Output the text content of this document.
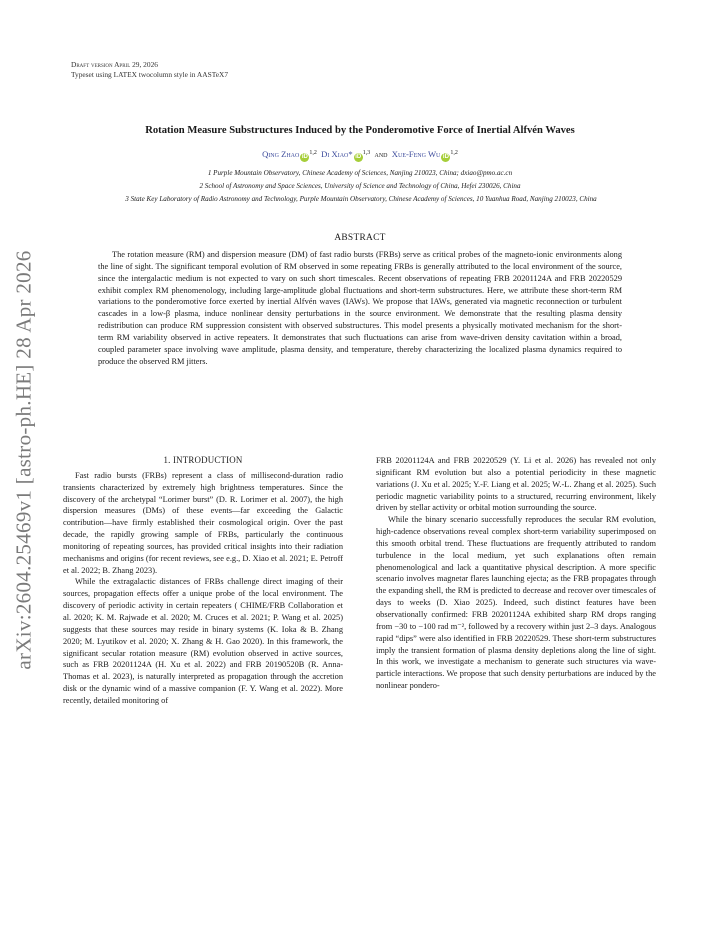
arXiv:2604.25469v1 [astro-ph.HE] 28 Apr 2026
Draft version April 29, 2026
Typeset using LATEX twocolumn style in AASTeX7
Rotation Measure Substructures Induced by the Ponderomotive Force of Inertial Alfvén Waves
Qing Zhao iD$^{1,2}$ Di Xiao* iD$^{1,3}$ and Xue-Feng Wu iD$^{1,2}$
1 Purple Mountain Observatory, Chinese Academy of Sciences, Nanjing 210023, China; dxiao@pmo.ac.cn
2 School of Astronomy and Space Sciences, University of Science and Technology of China, Hefei 230026, China
3 State Key Laboratory of Radio Astronomy and Technology, Purple Mountain Observatory, Chinese Academy of Sciences, 10 Yuanhua Road, Nanjing 210023, China
ABSTRACT
The rotation measure (RM) and dispersion measure (DM) of fast radio bursts (FRBs) serve as critical probes of the magneto-ionic environments along the line of sight. The significant temporal evolution of RM observed in some repeating FRBs is generally attributed to the local environment of the source, since the intergalactic medium is not expected to vary on such short timescales. Recent observations of repeating FRB 20201124A and FRB 20220529 exhibit complex RM phenomenology, including large-amplitude global fluctuations and short-term substructures. Here, we attribute these short-term RM variations to the ponderomotive force exerted by inertial Alfvén waves (IAWs). We propose that IAWs, generated via magnetic reconnection or turbulent cascades in a low-β plasma, induce nonlinear density perturbations in the source environment. We demonstrate that the resulting plasma density redistribution can produce RM suppression consistent with observed substructures. This model presents a physically motivated mechanism for the short-term RM variability observed in active repeaters. It demonstrates that such fluctuations can arise from wave-driven density cavitation within a broad, coupled parameter space involving wave amplitude, plasma density, and temperature, thereby characterizing the localized plasma dynamics required to produce the observed RM jitters.
1. INTRODUCTION

Fast radio bursts (FRBs) represent a class of millisecond-duration radio transients characterized by extremely high brightness temperatures. Since the discovery of the archetypal “Lorimer burst” (D. R. Lorimer et al. 2007), the high dispersion measures (DMs) of these events—far exceeding the Galactic contribution—have firmly established their cosmological origin. Over the past decade, the rapidly growing sample of FRBs, particularly the continuous monitoring of repeating sources, has provided critical insights into their radiation mechanisms and origins (for recent reviews, see e.g., D. Xiao et al. 2021; E. Petroff et al. 2022; B. Zhang 2023).

While the extragalactic distances of FRBs challenge direct imaging of their sources, propagation effects offer a unique probe of the local environment. The discovery of periodic activity in certain repeaters ( CHIME/FRB Collaboration et al. 2020; K. M. Rajwade et al. 2020; M. Cruces et al. 2021; P. Wang et al. 2025) suggests that these sources may reside in binary systems (K. Ioka & B. Zhang 2020; M. Lyutikov et al. 2020; X. Zhang & H. Gao 2020). In this framework, the significant secular rotation measure (RM) evolution observed in active sources, such as FRB 20201124A (H. Xu et al. 2022) and FRB 20190520B (R. Anna-Thomas et al. 2023), is naturally interpreted as propagation through the accretion disk or the dynamic wind of a massive companion (F. Y. Wang et al. 2022). More recently, detailed monitoring of

FRB 20201124A and FRB 20220529 (Y. Li et al. 2026) has revealed not only significant RM evolution but also a potential periodicity in these magnetic variations (J. Xu et al. 2025; Y.-F. Liang et al. 2025; W.-L. Zhang et al. 2025). Such periodic magnetic variability points to a structured, recurring environment, likely driven by stellar activity or orbital motion surrounding the source.

While the binary scenario successfully reproduces the secular RM evolution, high-cadence observations reveal complex short-term variability superimposed on this smooth orbital trend. These fluctuations are frequently attributed to random turbulence in the local medium, yet such explanations often remain phenomenological and lack a quantitative physical description. A more specific scenario involves magnetar flares launching ejecta; as the FRB propagates through the expanding shell, the RM is predicted to decrease and recover over timescales of days to weeks (D. Xiao 2025). Indeed, such distinct features have been observationally confirmed: FRB 20201124A exhibited sharp RM drops ranging from −30 to −100 rad m⁻², followed by a recovery within just 2–3 days. Analogous rapid “dips” were also identified in FRB 20220529. These short-term substructures imply the transient formation of plasma density depletions along the line of sight. In this work, we investigate a mechanism to generate such structures via wave-particle interactions. We propose that such density perturbations are induced by the nonlinear pondero-
